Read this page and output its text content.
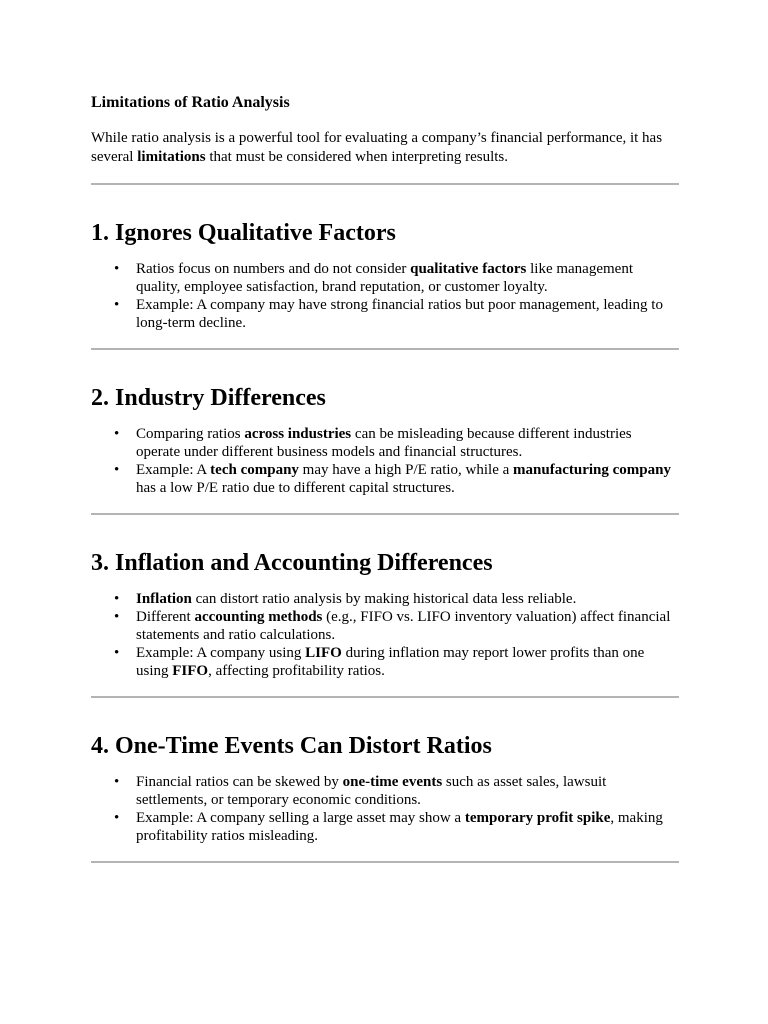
Limitations of Ratio Analysis

While ratio analysis is a powerful tool for evaluating a company’s financial performance, it has several limitations that must be considered when interpreting results.

1. Ignores Qualitative Factors
• Ratios focus on numbers and do not consider qualitative factors like management quality, employee satisfaction, brand reputation, or customer loyalty.
• Example: A company may have strong financial ratios but poor management, leading to long-term decline.
2. Industry Differences
• Comparing ratios across industries can be misleading because different industries operate under different business models and financial structures.
• Example: A tech company may have a high P/E ratio, while a manufacturing company has a low P/E ratio due to different capital structures.
3. Inflation and Accounting Differences
• Inflation can distort ratio analysis by making historical data less reliable.
• Different accounting methods (e.g., FIFO vs. LIFO inventory valuation) affect financial statements and ratio calculations.
• Example: A company using LIFO during inflation may report lower profits than one using FIFO, affecting profitability ratios.
4. One-Time Events Can Distort Ratios
• Financial ratios can be skewed by one-time events such as asset sales, lawsuit settlements, or temporary economic conditions.
• Example: A company selling a large asset may show a temporary profit spike, making profitability ratios misleading.
